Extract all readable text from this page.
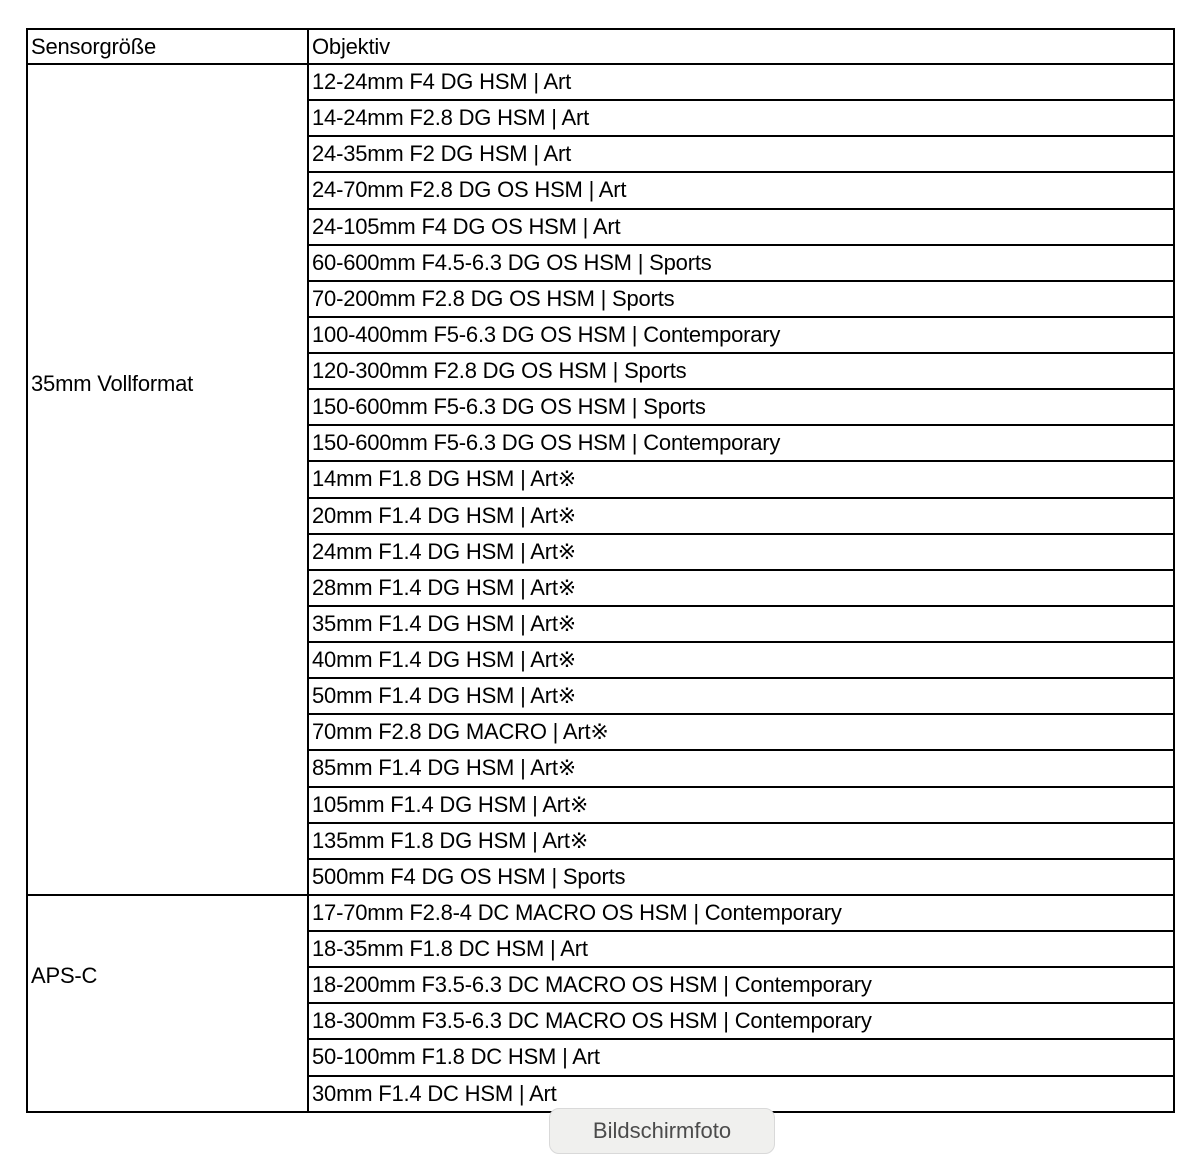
Sensorgröße	Objektiv

35mm Vollformat	12-24mm F4 DG HSM | Art
	14-24mm F2.8 DG HSM | Art
	24-35mm F2 DG HSM | Art
	24-70mm F2.8 DG OS HSM | Art
	24-105mm F4 DG OS HSM | Art
	60-600mm F4.5-6.3 DG OS HSM | Sports
	70-200mm F2.8 DG OS HSM | Sports
	100-400mm F5-6.3 DG OS HSM | Contemporary
	120-300mm F2.8 DG OS HSM | Sports
	150-600mm F5-6.3 DG OS HSM | Sports
	150-600mm F5-6.3 DG OS HSM | Contemporary
	14mm F1.8 DG HSM | Art※
	20mm F1.4 DG HSM | Art※
	24mm F1.4 DG HSM | Art※
	28mm F1.4 DG HSM | Art※
	35mm F1.4 DG HSM | Art※
	40mm F1.4 DG HSM | Art※
	50mm F1.4 DG HSM | Art※
	70mm F2.8 DG MACRO | Art※
	85mm F1.4 DG HSM | Art※
	105mm F1.4 DG HSM | Art※
	135mm F1.8 DG HSM | Art※
	500mm F4 DG OS HSM | Sports

APS-C	17-70mm F2.8-4 DC MACRO OS HSM | Contemporary
	18-35mm F1.8 DC HSM | Art
	18-200mm F3.5-6.3 DC MACRO OS HSM | Contemporary
	18-300mm F3.5-6.3 DC MACRO OS HSM | Contemporary
	50-100mm F1.8 DC HSM | Art
	30mm F1.4 DC HSM | Art
Bildschirmfoto
